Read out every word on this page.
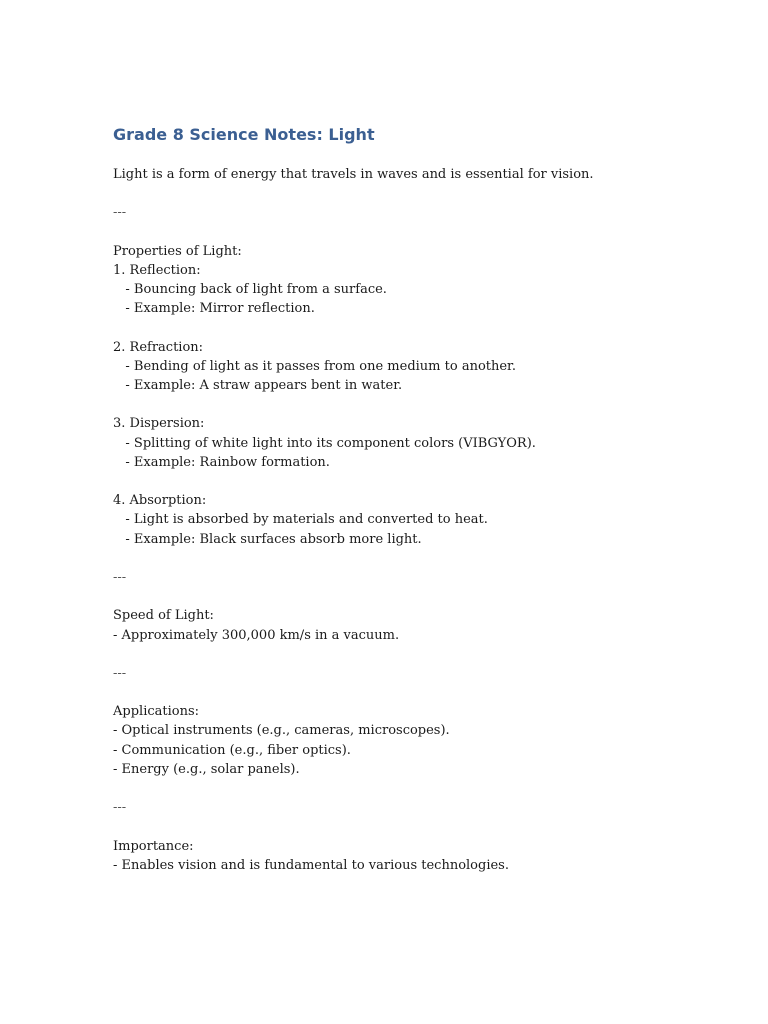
Grade 8 Science Notes: Light
Light is a form of energy that travels in waves and is essential for vision.
---
Properties of Light:
1. Reflection:
- Bouncing back of light from a surface.
- Example: Mirror reflection.
2. Refraction:
- Bending of light as it passes from one medium to another.
- Example: A straw appears bent in water.
3. Dispersion:
- Splitting of white light into its component colors (VIBGYOR).
- Example: Rainbow formation.
4. Absorption:
- Light is absorbed by materials and converted to heat.
- Example: Black surfaces absorb more light.
---
Speed of Light:
- Approximately 300,000 km/s in a vacuum.
---
Applications:
- Optical instruments (e.g., cameras, microscopes).
- Communication (e.g., fiber optics).
- Energy (e.g., solar panels).
---
Importance:
- Enables vision and is fundamental to various technologies.
